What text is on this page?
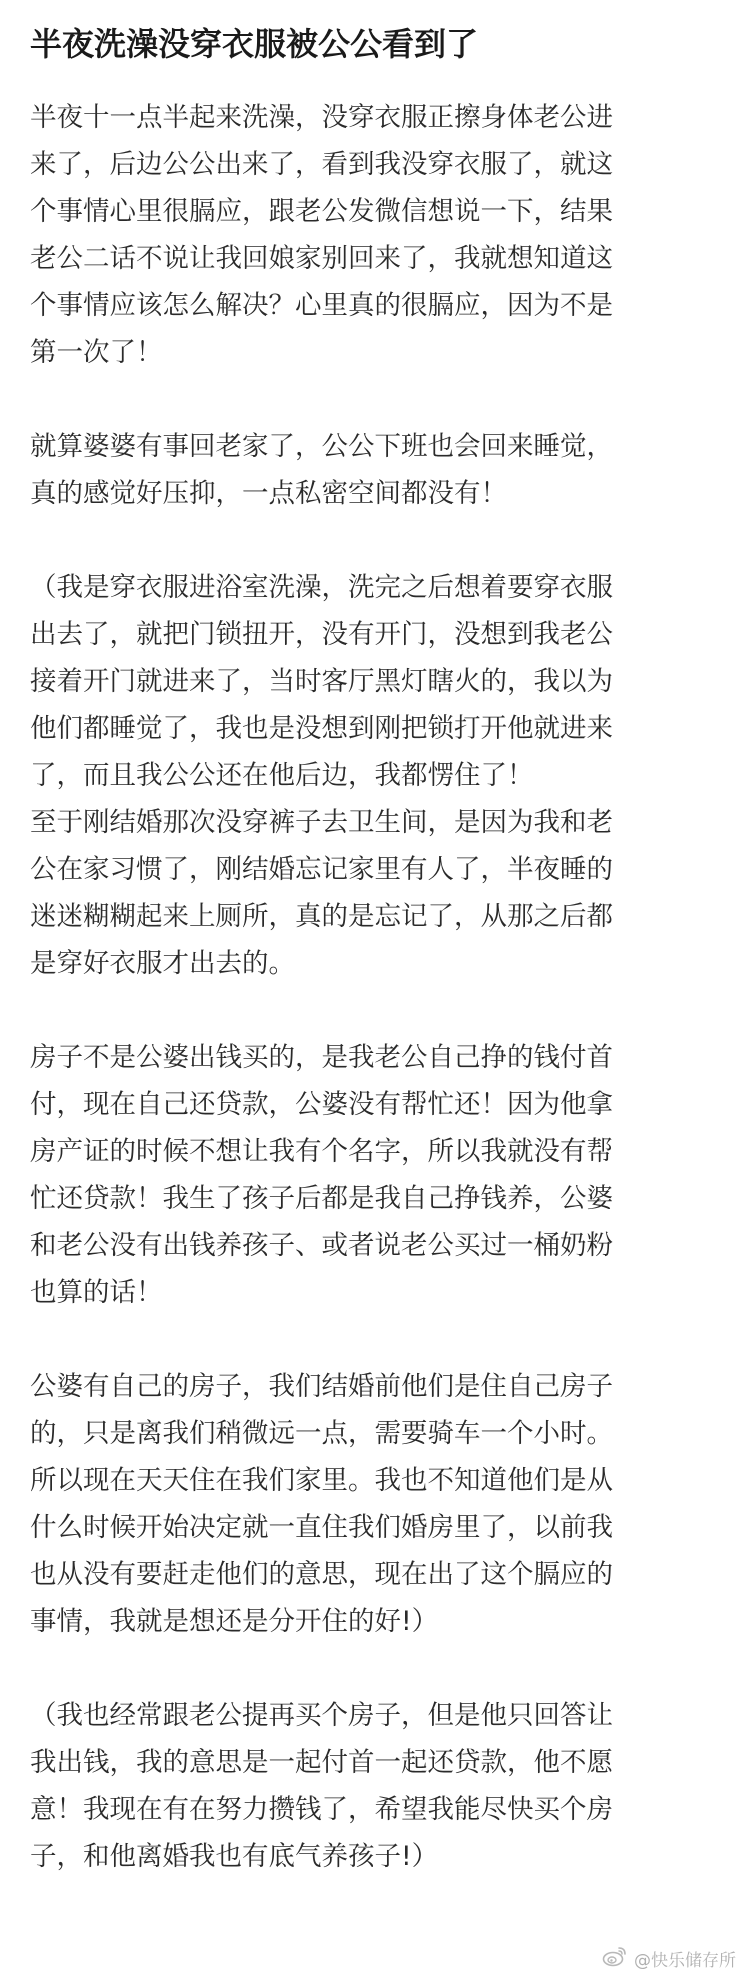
半夜洗澡没穿衣服被公公看到了

半夜十一点半起来洗澡，没穿衣服正擦身体老公进
来了，后边公公出来了，看到我没穿衣服了，就这
个事情心里很膈应，跟老公发微信想说一下，结果
老公二话不说让我回娘家别回来了，我就想知道这
个事情应该怎么解决？心里真的很膈应，因为不是
第一次了！

就算婆婆有事回老家了，公公下班也会回来睡觉，
真的感觉好压抑，一点私密空间都没有！

（我是穿衣服进浴室洗澡，洗完之后想着要穿衣服
出去了，就把门锁扭开，没有开门，没想到我老公
接着开门就进来了，当时客厅黑灯瞎火的，我以为
他们都睡觉了，我也是没想到刚把锁打开他就进来
了，而且我公公还在他后边，我都愣住了！
至于刚结婚那次没穿裤子去卫生间，是因为我和老
公在家习惯了，刚结婚忘记家里有人了，半夜睡的
迷迷糊糊起来上厕所，真的是忘记了，从那之后都
是穿好衣服才出去的。

房子不是公婆出钱买的，是我老公自己挣的钱付首
付，现在自己还贷款，公婆没有帮忙还！因为他拿
房产证的时候不想让我有个名字，所以我就没有帮
忙还贷款！我生了孩子后都是我自己挣钱养，公婆
和老公没有出钱养孩子、或者说老公买过一桶奶粉
也算的话！

公婆有自己的房子，我们结婚前他们是住自己房子
的，只是离我们稍微远一点，需要骑车一个小时。
所以现在天天住在我们家里。我也不知道他们是从
什么时候开始决定就一直住我们婚房里了，以前我
也从没有要赶走他们的意思，现在出了这个膈应的
事情，我就是想还是分开住的好!）

（我也经常跟老公提再买个房子，但是他只回答让
我出钱，我的意思是一起付首一起还贷款，他不愿
意！我现在有在努力攒钱了，希望我能尽快买个房
子，和他离婚我也有底气养孩子!）

@快乐储存所
